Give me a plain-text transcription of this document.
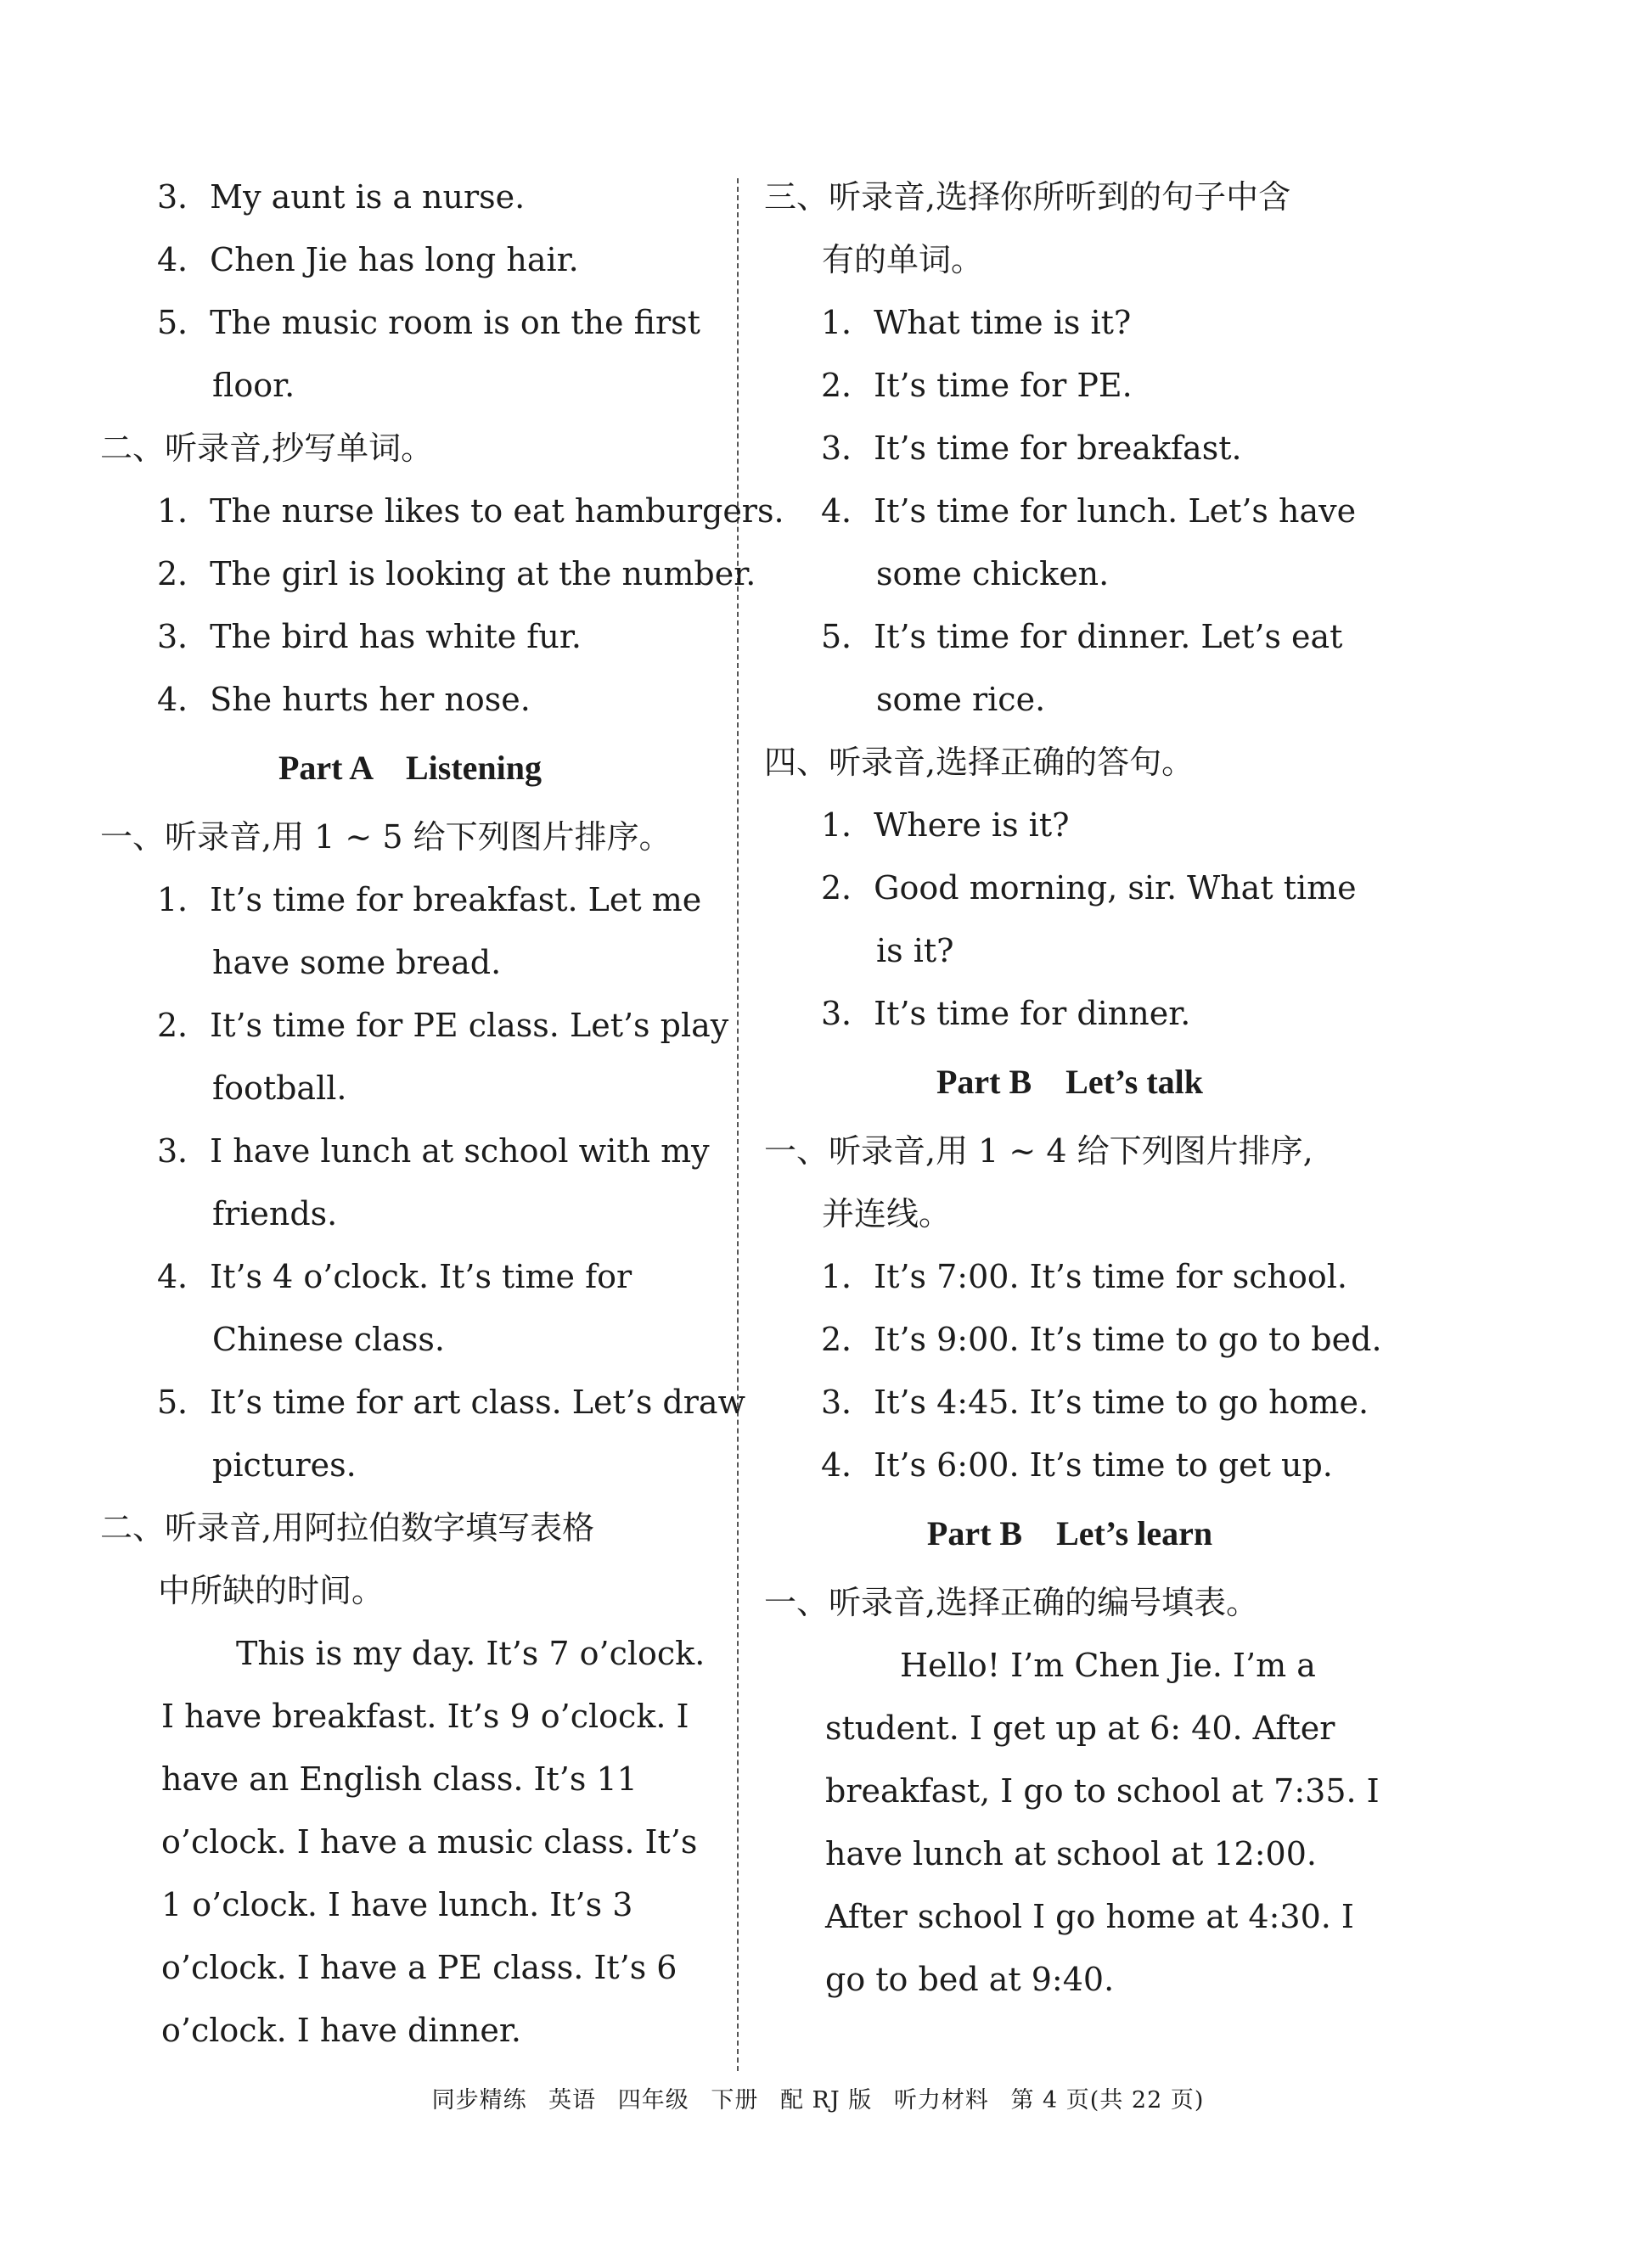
3．My aunt is a nurse.
4．Chen Jie has long hair.
5．The music room is on the first
floor.
二、听录音,抄写单词。
1．The nurse likes to eat hamburgers.
2．The girl is looking at the number.
3．The bird has white fur.
4．She hurts her nose.
Part A　Listening
一、听录音,用 1 ~ 5 给下列图片排序。
1．It’s time for breakfast. Let me
have some bread.
2．It’s time for PE class. Let’s play
football.
3．I have lunch at school with my
friends.
4．It’s 4 o’clock. It’s time for
Chinese class.
5．It’s time for art class. Let’s draw
pictures.
二、听录音,用阿拉伯数字填写表格
中所缺的时间。
This is my day. It’s 7 o’clock.
I have breakfast. It’s 9 o’clock. I
have an English class. It’s 11
o’clock. I have a music class. It’s
1 o’clock. I have lunch. It’s 3
o’clock. I have a PE class. It’s 6
o’clock. I have dinner.
三、听录音,选择你所听到的句子中含
有的单词。
1．What time is it?
2．It’s time for PE.
3．It’s time for breakfast.
4．It’s time for lunch. Let’s have
some chicken.
5．It’s time for dinner. Let’s eat
some rice.
四、听录音,选择正确的答句。
1．Where is it?
2．Good morning, sir. What time
is it?
3．It’s time for dinner.
Part B　Let’s talk
一、听录音,用 1 ~ 4 给下列图片排序,
并连线。
1．It’s 7:00. It’s time for school.
2．It’s 9:00. It’s time to go to bed.
3．It’s 4:45. It’s time to go home.
4．It’s 6:00. It’s time to get up.
Part B　Let’s learn
一、听录音,选择正确的编号填表。
Hello! I’m Chen Jie. I’m a
student. I get up at 6: 40. After
breakfast, I go to school at 7:35. I
have lunch at school at 12:00.
After school I go home at 4:30. I
go to bed at 9:40.
同步精练 英语 四年级 下册 配 RJ 版 听力材料 第 4 页(共 22 页)
